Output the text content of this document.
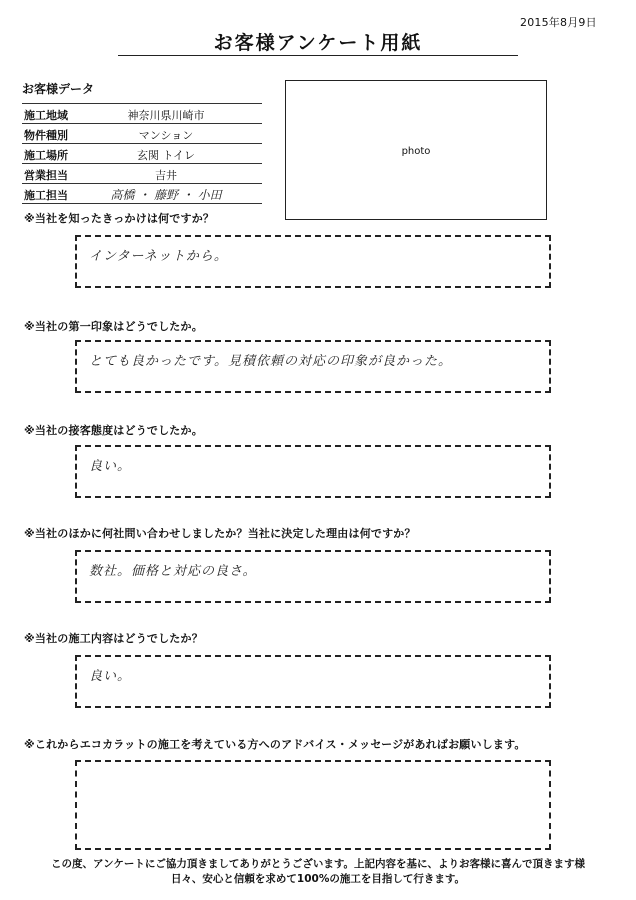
2015年8月9日
お客様アンケート用紙
お客様データ
施工地域	神奈川県川崎市
物件種別	マンション
施工場所	玄関 トイレ
営業担当	吉井
施工担当	高橋 ・ 藤野 ・ 小田
photo
※当社を知ったきっかけは何ですか？
インターネットから。
※当社の第一印象はどうでしたか。
とても良かったです。見積依頼の対応の印象が良かった。
※当社の接客態度はどうでしたか。
良い。
※当社のほかに何社問い合わせしましたか？当社に決定した理由は何ですか？
数社。価格と対応の良さ。
※当社の施工内容はどうでしたか？
良い。
※これからエコカラットの施工を考えている方へのアドバイス・メッセージがあればお願いします。
この度、アンケートにご協力頂きましてありがとうございます。上記内容を基に、よりお客様に喜んで頂きます様
日々、安心と信頼を求めて100%の施工を目指して行きます。
